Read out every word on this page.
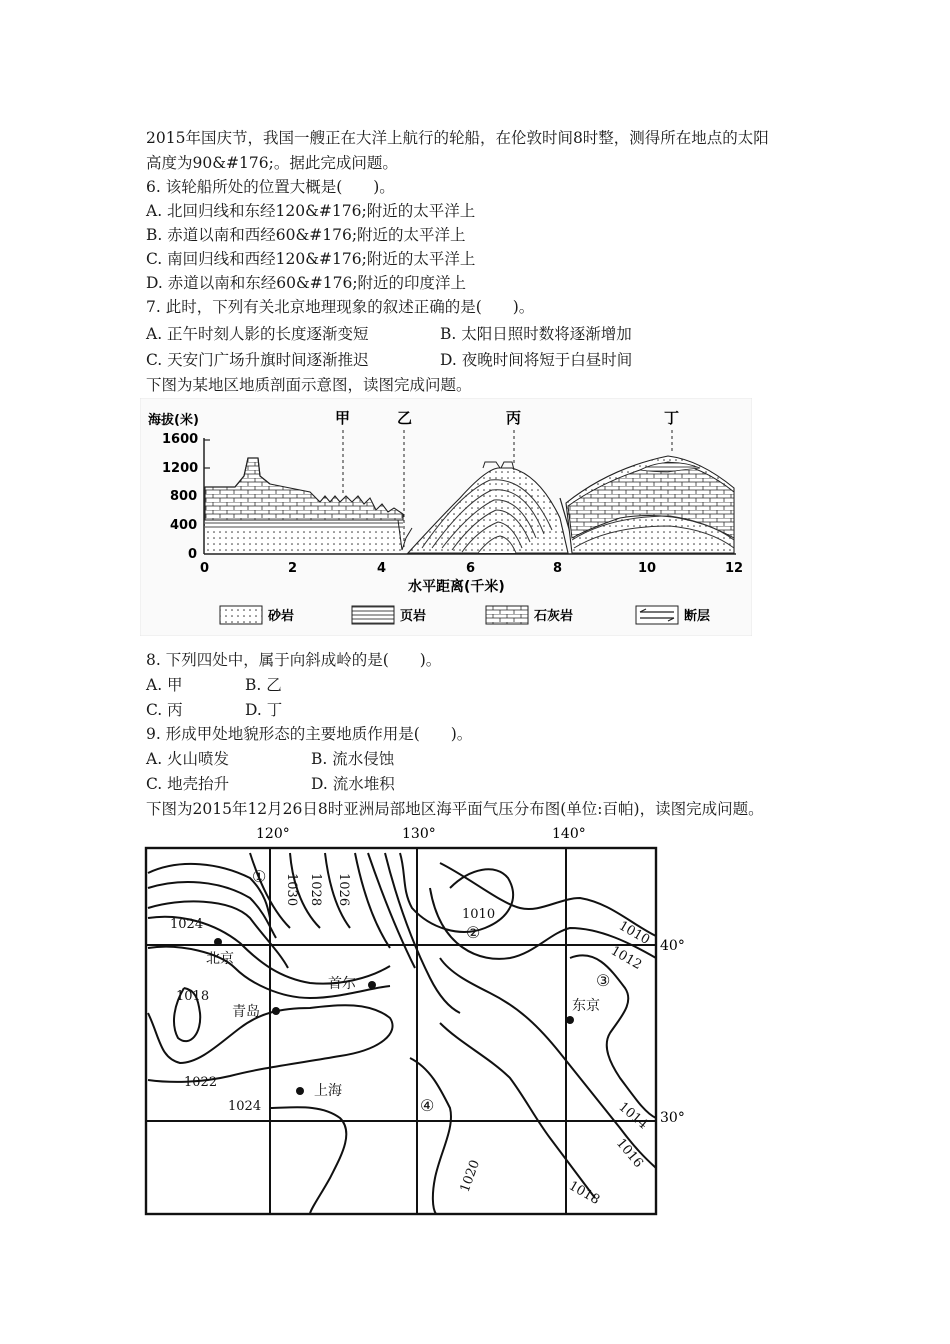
2015年国庆节，我国一艘正在大洋上航行的轮船，在伦敦时间8时整，测得所在地点的太阳
高度为90&#176;。据此完成问题。
6. 该轮船所处的位置大概是(　　)。
A. 北回归线和东经120&#176;附近的太平洋上
B. 赤道以南和西经60&#176;附近的太平洋上
C. 南回归线和西经120&#176;附近的太平洋上
D. 赤道以南和东经60&#176;附近的印度洋上
7. 此时，下列有关北京地理现象的叙述正确的是(　　)。
A. 正午时刻人影的长度逐渐变短	B. 太阳日照时数将逐渐增加
C. 天安门广场升旗时间逐渐推迟	D. 夜晚时间将短于白昼时间
下图为某地区地质剖面示意图，读图完成问题。
海拔(米)
1600
1200
800
400
0
0	2	4	6	8	10	12
水平距离(千米)
甲	乙	丙	丁
砂岩	页岩	石灰岩	断层
8. 下列四处中，属于向斜成岭的是(　　)。
A. 甲	B. 乙
C. 丙	D. 丁
9. 形成甲处地貌形态的主要地质作用是(　　)。
A. 火山喷发	B. 流水侵蚀
C. 地壳抬升	D. 流水堆积
下图为2015年12月26日8时亚洲局部地区海平面气压分布图(单位:百帕)，读图完成问题。
120°	130°	140°
40°
30°
1030 1028 1026
1024
1018
1022
1024
1010
1010
1012
1014
1016
1018
1020
①
②
③
④
北京
青岛
首尔
上海
东京
